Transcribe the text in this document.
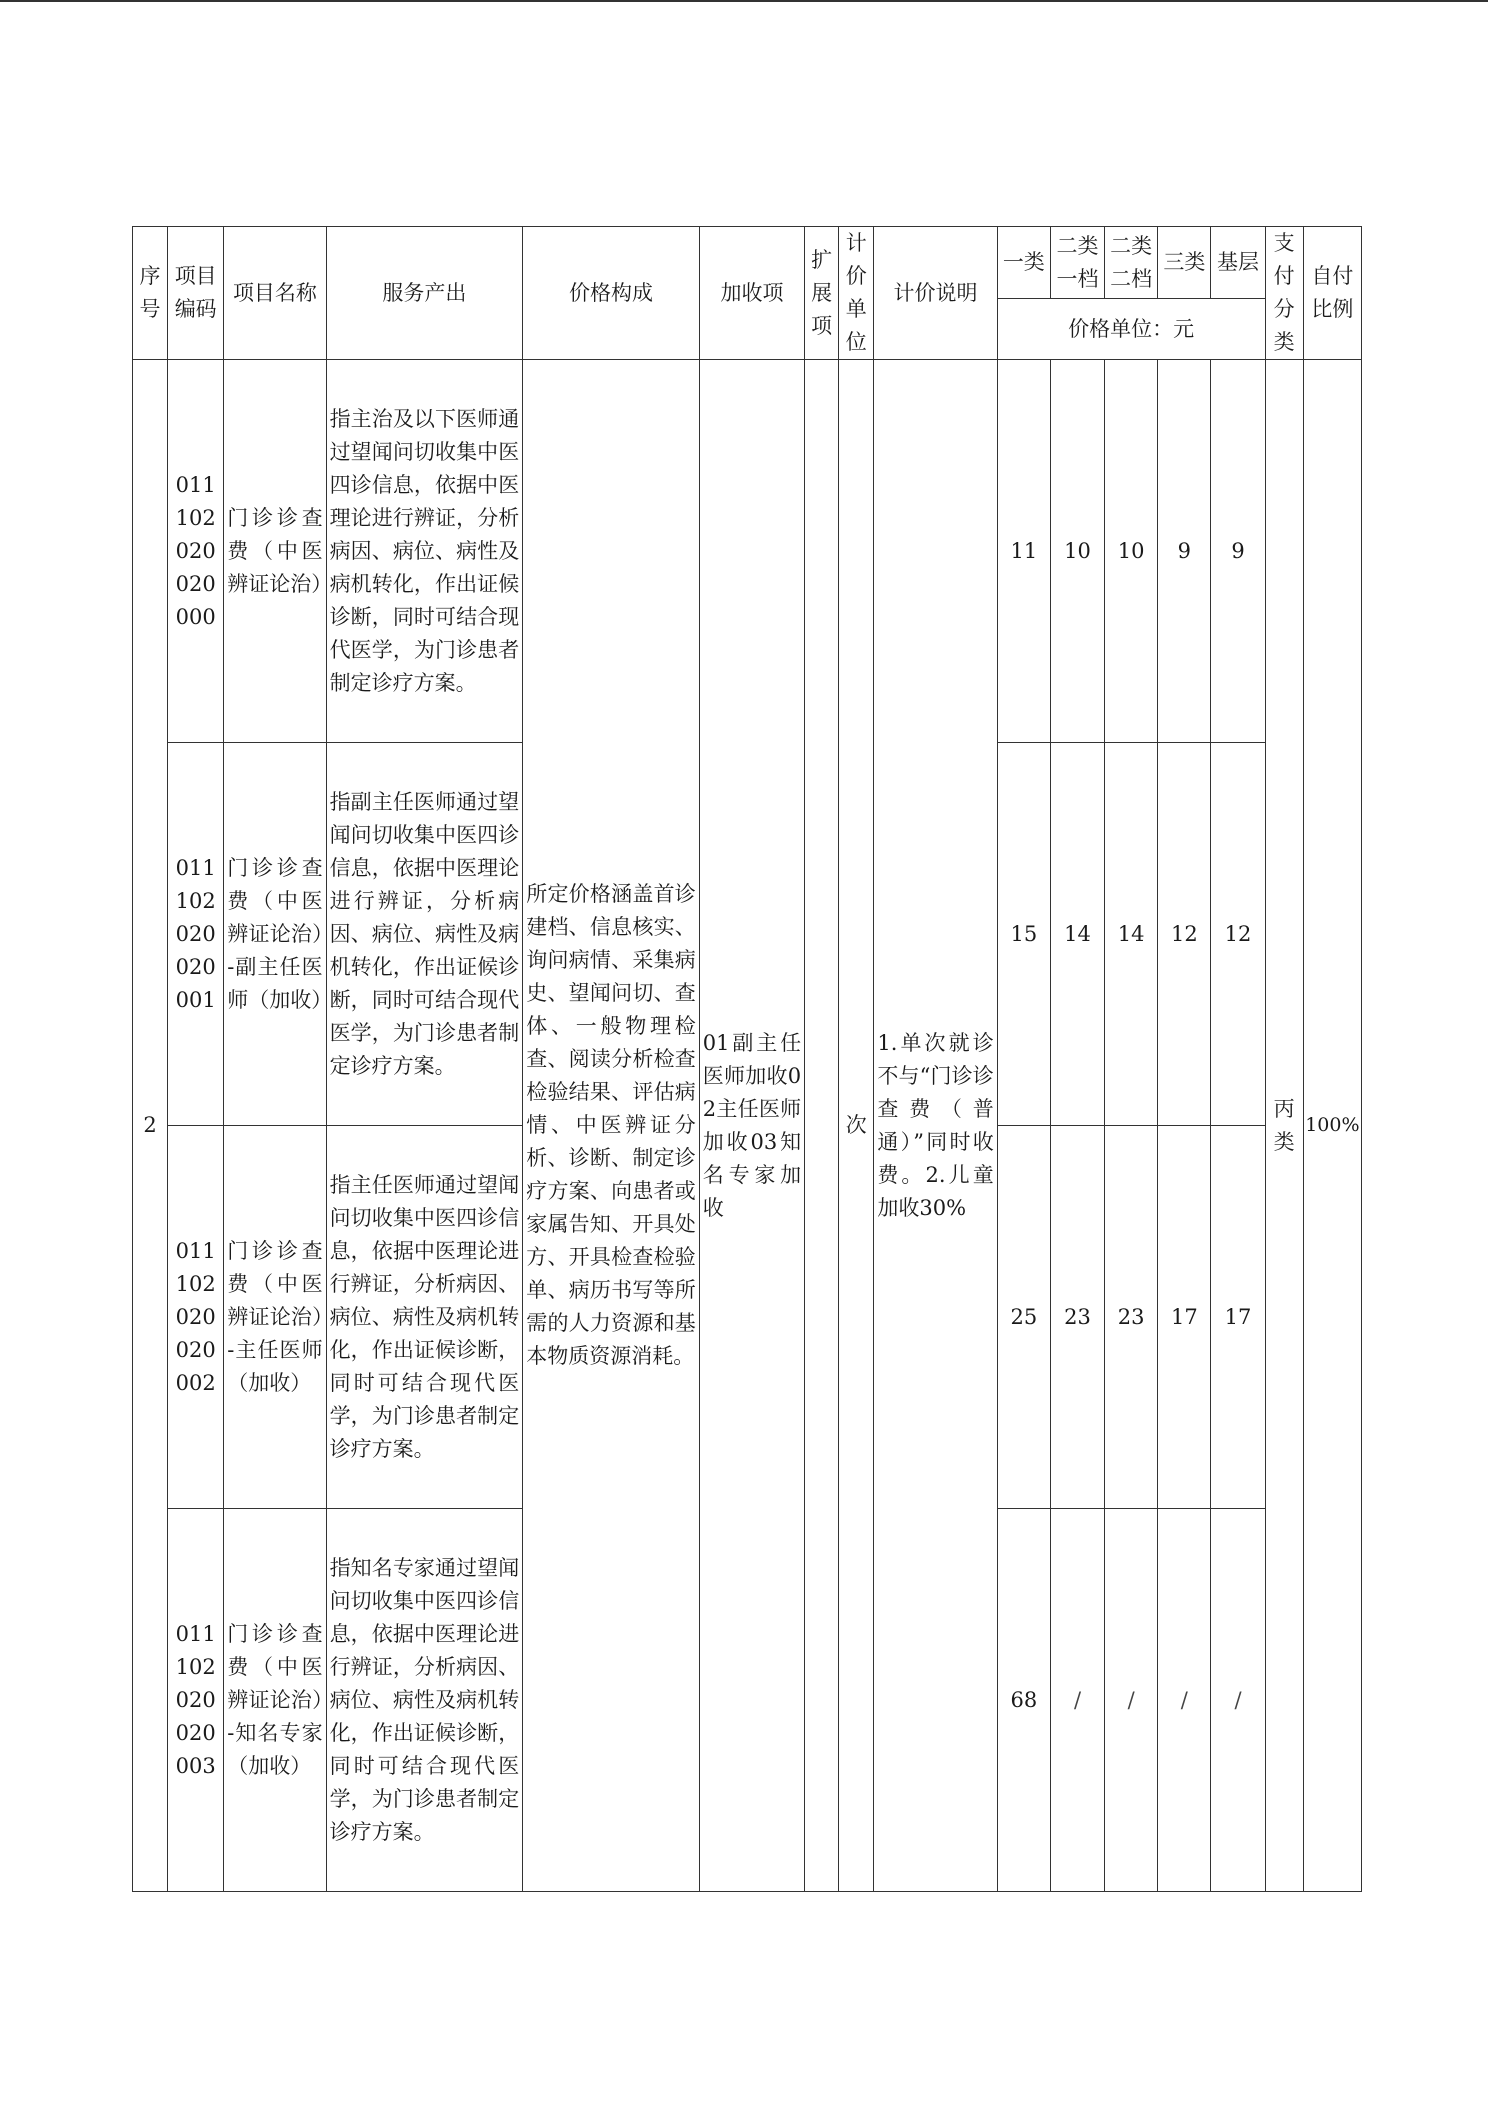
序号	项目编码	项目名称	服务产出	价格构成	加收项	扩展项	计价单位	计价说明	一类	二类一档	二类二档	三类	基层	支付分类	自付比例
									价格单位：元						
2	011102020020000	门诊诊查费（中医辨证论治）	指主治及以下医师通过望闻问切收集中医四诊信息，依据中医理论进行辨证，分析病因、病位、病性及病机转化，作出证候诊断，同时可结合现代医学，为门诊患者制定诊疗方案。	所定价格涵盖首诊建档、信息核实、询问病情、采集病史、望闻问切、查体、一般物理检查、阅读分析检查检验结果、评估病情、中医辨证分析、诊断、制定诊疗方案、向患者或家属告知、开具处方、开具检查检验单、病历书写等所需的人力资源和基本物质资源消耗。	01副主任医师加收02主任医师加收03知名专家加收		次	1.单次就诊不与“门诊诊查费（普通）”同时收费。2.儿童加收30%	11	10	10	9	9	丙类	100%
	011102020020001	门诊诊查费（中医辨证论治）-副主任医师（加收）	指副主任医师通过望闻问切收集中医四诊信息，依据中医理论进行辨证，分析病因、病位、病性及病机转化，作出证候诊断，同时可结合现代医学，为门诊患者制定诊疗方案。						15	14	14	12	12		
	011102020020002	门诊诊查费（中医辨证论治）-主任医师（加收）	指主任医师通过望闻问切收集中医四诊信息，依据中医理论进行辨证，分析病因、病位、病性及病机转化，作出证候诊断，同时可结合现代医学，为门诊患者制定诊疗方案。						25	23	23	17	17		
	011102020020003	门诊诊查费（中医辨证论治）-知名专家（加收）	指知名专家通过望闻问切收集中医四诊信息，依据中医理论进行辨证，分析病因、病位、病性及病机转化，作出证候诊断，同时可结合现代医学，为门诊患者制定诊疗方案。						68	/	/	/	/		
